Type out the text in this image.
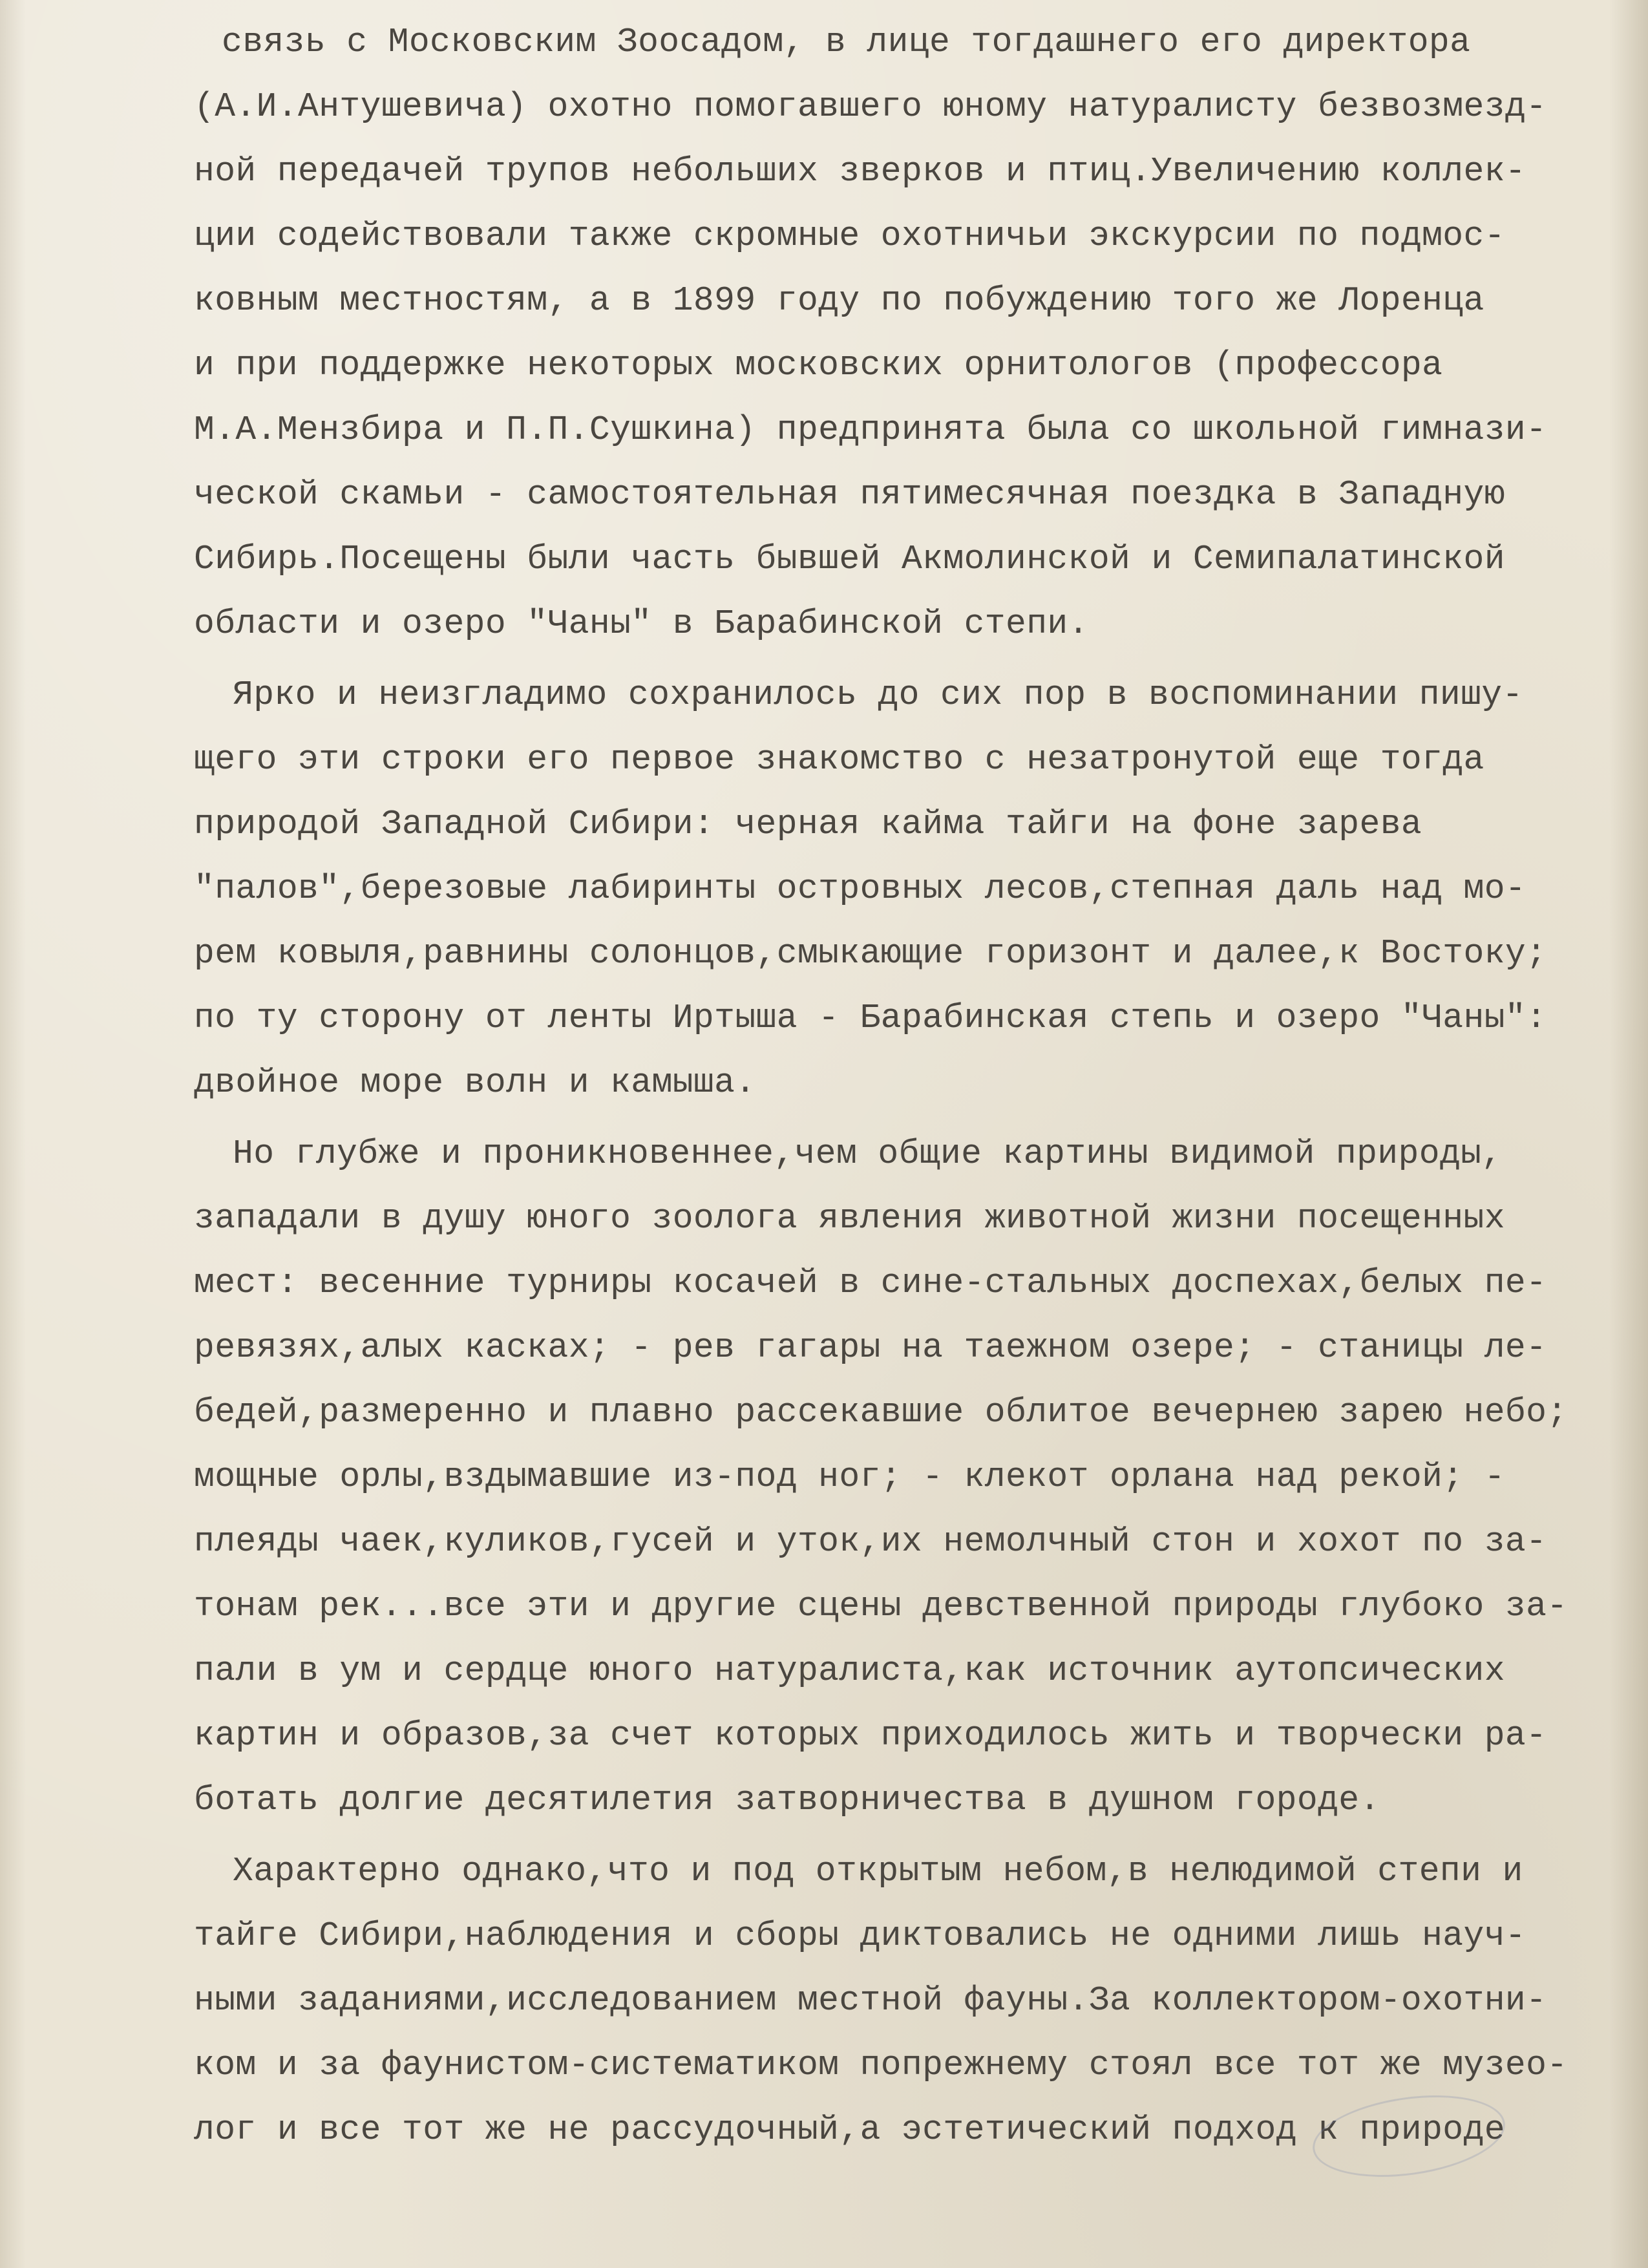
связь с Московским Зоосадом, в лице тогдашнего его директора
(А.И.Антушевича) охотно помогавшего юному натуралисту безвозмезд-
ной передачей трупов небольших зверков и птиц.Увеличению коллек-
ции содействовали также скромные охотничьи экскурсии по подмос-
ковным местностям, а в 1899 году по побуждению того же Лоренца
и при поддержке некоторых московских орнитологов (профессора
М.А.Мензбира и П.П.Сушкина) предпринята была со школьной гимнази-
ческой скамьи - самостоятельная пятимесячная поездка в Западную
Сибирь.Посещены были часть бывшей Акмолинской и Семипалатинской
области и озеро "Чаны" в Барабинской степи.
Ярко и неизгладимо сохранилось до сих пор в воспоминании пишу-
щего эти строки его первое знакомство с незатронутой еще тогда
природой Западной Сибири: черная кайма тайги на фоне зарева
"палов",березовые лабиринты островных лесов,степная даль над мо-
рем ковыля,равнины солонцов,смыкающие горизонт и далее,к Востоку;
по ту сторону от ленты Иртыша - Барабинская степь и озеро "Чаны":
двойное море волн и камыша.
Но глубже и проникновеннее,чем общие картины видимой природы,
западали в душу юного зоолога явления животной жизни посещенных
мест: весенние турниры косачей в сине-стальных доспехах,белых пе-
ревязях,алых касках; - рев гагары на таежном озере; - станицы ле-
бедей,размеренно и плавно рассекавшие облитое вечернею зарею небо;
мощные орлы,вздымавшие из-под ног; - клекот орлана над рекой; -
плеяды чаек,куликов,гусей и уток,их немолчный стон и хохот по за-
тонам рек...все эти и другие сцены девственной природы глубоко за-
пали в ум и сердце юного натуралиста,как источник аутопсических
картин и образов,за счет которых приходилось жить и творчески ра-
ботать долгие десятилетия затворничества в душном городе.
Характерно однако,что и под открытым небом,в нелюдимой степи и
тайге Сибири,наблюдения и сборы диктовались не одними лишь науч-
ными заданиями,исследованием местной фауны.За коллектором-охотни-
ком и за фаунистом-систематиком попрежнему стоял все тот же музео-
лог и все тот же не рассудочный,а эстетический подход к природе
